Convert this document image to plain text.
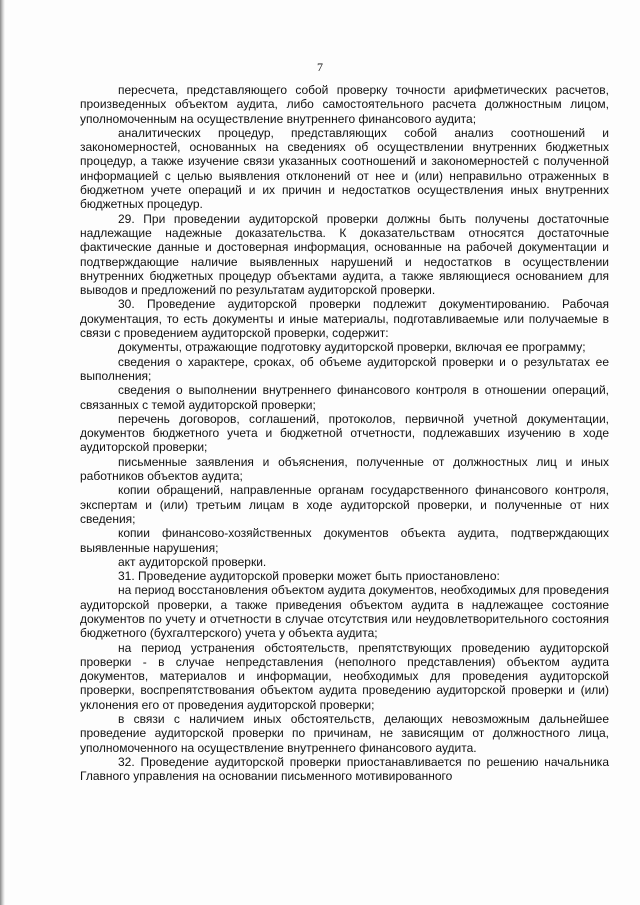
7

пересчета, представляющего собой проверку точности арифметических расчетов, произведенных объектом аудита, либо самостоятельного расчета должностным лицом, уполномоченным на осуществление внутреннего финансового аудита;

аналитических процедур, представляющих собой анализ соотношений и закономерностей, основанных на сведениях об осуществлении внутренних бюджетных процедур, а также изучение связи указанных соотношений и закономерностей с полученной информацией с целью выявления отклонений от нее и (или) неправильно отраженных в бюджетном учете операций и их причин и недостатков осуществления иных внутренних бюджетных процедур.

29. При проведении аудиторской проверки должны быть получены достаточные надлежащие надежные доказательства. К доказательствам относятся достаточные фактические данные и достоверная информация, основанные на рабочей документации и подтверждающие наличие выявленных нарушений и недостатков в осуществлении внутренних бюджетных процедур объектами аудита, а также являющиеся основанием для выводов и предложений по результатам аудиторской проверки.

30. Проведение аудиторской проверки подлежит документированию. Рабочая документация, то есть документы и иные материалы, подготавливаемые или получаемые в связи с проведением аудиторской проверки, содержит:

документы, отражающие подготовку аудиторской проверки, включая ее программу;

сведения о характере, сроках, об объеме аудиторской проверки и о результатах ее выполнения;

сведения о выполнении внутреннего финансового контроля в отношении операций, связанных с темой аудиторской проверки;

перечень договоров, соглашений, протоколов, первичной учетной документации, документов бюджетного учета и бюджетной отчетности, подлежавших изучению в ходе аудиторской проверки;

письменные заявления и объяснения, полученные от должностных лиц и иных работников объектов аудита;

копии обращений, направленные органам государственного финансового контроля, экспертам и (или) третьим лицам в ходе аудиторской проверки, и полученные от них сведения;

копии финансово-хозяйственных документов объекта аудита, подтверждающих выявленные нарушения;

акт аудиторской проверки.

31. Проведение аудиторской проверки может быть приостановлено:

на период восстановления объектом аудита документов, необходимых для проведения аудиторской проверки, а также приведения объектом аудита в надлежащее состояние документов по учету и отчетности в случае отсутствия или неудовлетворительного состояния бюджетного (бухгалтерского) учета у объекта аудита;

на период устранения обстоятельств, препятствующих проведению аудиторской проверки - в случае непредставления (неполного представления) объектом аудита документов, материалов и информации, необходимых для проведения аудиторской проверки, воспрепятствования объектом аудита проведению аудиторской проверки и (или) уклонения его от проведения аудиторской проверки;

в связи с наличием иных обстоятельств, делающих невозможным дальнейшее проведение аудиторской проверки по причинам, не зависящим от должностного лица, уполномоченного на осуществление внутреннего финансового аудита.

32. Проведение аудиторской проверки приостанавливается по решению начальника Главного управления на основании письменного мотивированного
